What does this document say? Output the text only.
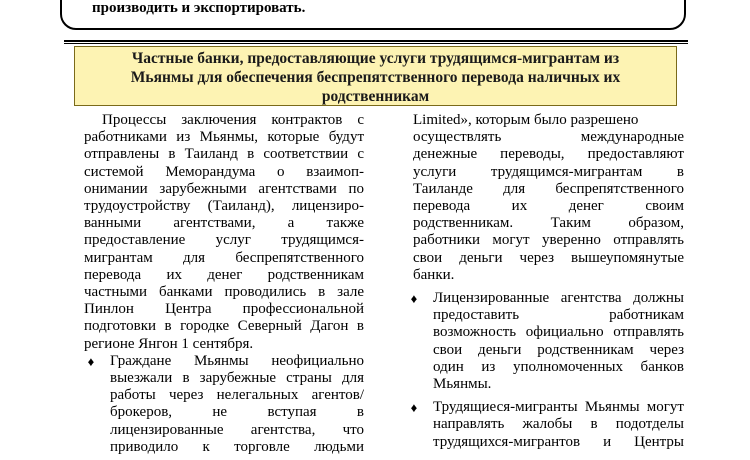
производить и экспортировать.
Частные банки, предоставляющие услуги трудящимся-мигрантам из
Мьянмы для обеспечения беспрепятственного перевода наличных их
родственникам
Процессы заключения контрактов с
работниками из Мьянмы, которые будут
отправлены в Таиланд в соответствии с
системой Меморандума о взаимоп-
онимании зарубежными агентствами по
трудоустройству (Таиланд), лицензиро-
ванными агентствами, а также
предоставление услуг трудящимся-
мигрантам для беспрепятственного
перевода их денег родственникам
частными банками проводились в зале
Пинлон Центра профессиональной
подготовки в городке Северный Дагон в
регионе Янгон 1 сентября.
♦ Граждане Мьянмы неофициально
выезжали в зарубежные страны для
работы через нелегальных агентов/
брокеров, не вступая в
лицензированные агентства, что
приводило к торговле людьми
Limited», которым было разрешено
осуществлять международные
денежные переводы, предоставляют
услуги трудящимся-мигрантам в
Таиланде для беспрепятственного
перевода их денег своим
родственникам. Таким образом,
работники могут уверенно отправлять
свои деньги через вышеупомянутые
банки.
♦ Лицензированные агентства должны
предоставить работникам
возможность официально отправлять
свои деньги родственникам через
один из уполномоченных банков
Мьянмы.
♦ Трудящиеся-мигранты Мьянмы могут
направлять жалобы в подотделы
трудящихся-мигрантов и Центры
